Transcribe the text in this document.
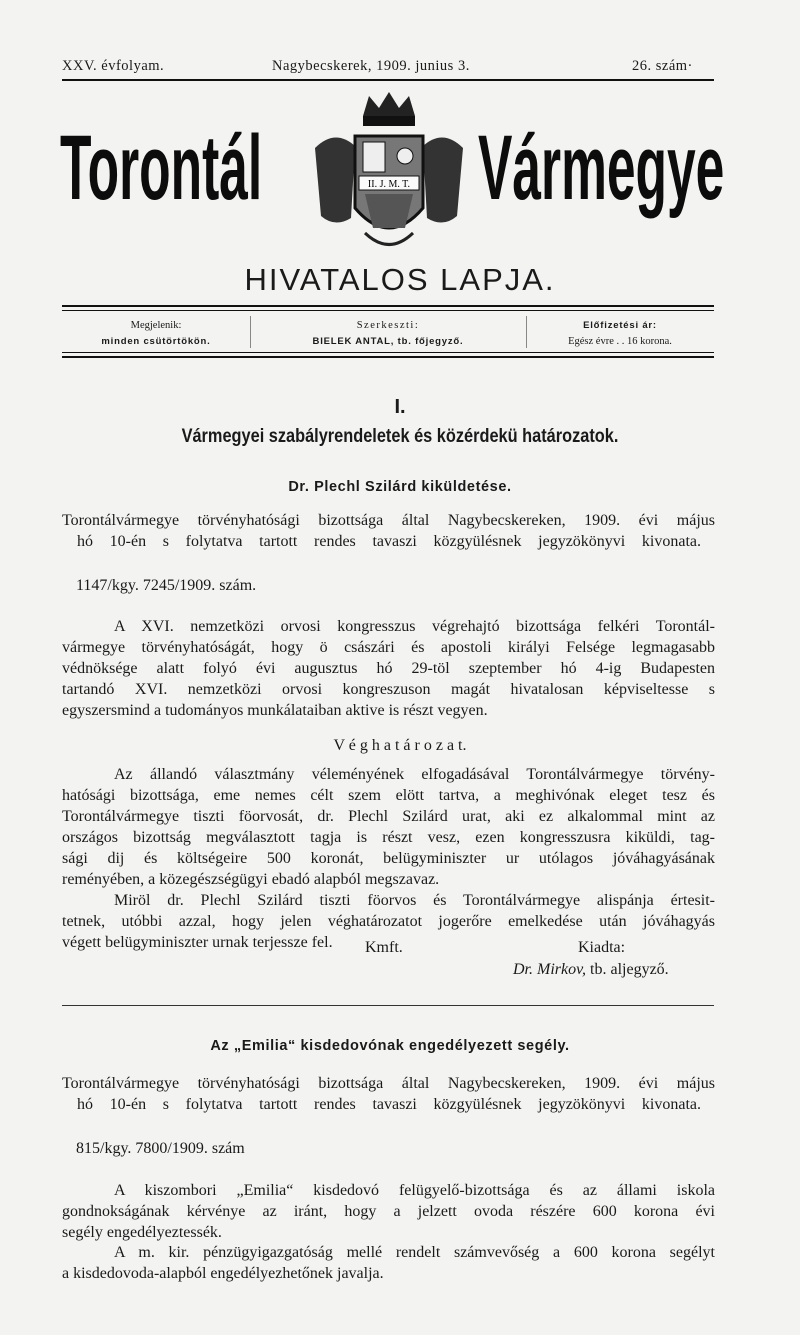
XXV. évfolyam.	Nagybecskerek, 1909. junius 3.	26. szám·
Torontál Vármegye
II. J. M. T.
HIVATALOS LAPJA.
Megjelenik:
minden csütörtökön.
Szerkeszti:
BIELEK ANTAL, tb. főjegyző.
Előfizetési ár:
Egész évre . . 16 korona.
I.
Vármegyei szabályrendeletek és közérdekü határozatok.
Dr. Plechl Szilárd kiküldetése.
Torontálvármegye törvényhatósági bizottsága által Nagybecskereken, 1909. évi május
hó 10-én s folytatva tartott rendes tavaszi közgyülésnek jegyzökönyvi kivonata.
1147/kgy. 7245/1909. szám.
A XVI. nemzetközi orvosi kongresszus végrehajtó bizottsága felkéri Torontál-
vármegye törvényhatóságát, hogy ö császári és apostoli királyi Felsége legmagasabb
védnöksége alatt folyó évi augusztus hó 29-töl szeptember hó 4-ig Budapesten
tartandó XVI. nemzetközi orvosi kongreszuson magát hivatalosan képviseltesse s
egyszersmind a tudományos munkálataiban aktive is részt vegyen.
V é g h a t á r o z a t.
Az állandó választmány véleményének elfogadásával Torontálvármegye törvény-
hatósági bizottsága, eme nemes célt szem elött tartva, a meghivónak eleget tesz és
Torontálvármegye tiszti föorvosát, dr. Plechl Szilárd urat, aki ez alkalommal mint az
országos bizottság megválasztott tagja is részt vesz, ezen kongresszusra kiküldi, tag-
sági dij és költségeire 500 koronát, belügyminiszter ur utólagos jóváhagyásának
reményében, a közegészségügyi ebadó alapból megszavaz.
Miröl dr. Plechl Szilárd tiszti föorvos és Torontálvármegye alispánja értesit-
tetnek, utóbbi azzal, hogy jelen véghatározatot jogerőre emelkedése után jóváhagyás
végett belügyminiszter urnak terjessze fel.	Kmft.	Kiadta:
Dr. Mirkov, tb. aljegyző.
Az „Emilia“ kisdedovónak engedélyezett segély.
Torontálvármegye törvényhatósági bizottsága által Nagybecskereken, 1909. évi május
hó 10-én s folytatva tartott rendes tavaszi közgyülésnek jegyzökönyvi kivonata.
815/kgy. 7800/1909. szám
A kiszombori „Emilia“ kisdedovó felügyelő-bizottsága és az állami iskola
gondnokságának kérvénye az iránt, hogy a jelzett ovoda részére 600 korona évi
segély engedélyeztessék.
A m. kir. pénzügyigazgatóság mellé rendelt számvevőség a 600 korona segélyt
a kisdedovoda-alapból engedélyezhetőnek javalja.
